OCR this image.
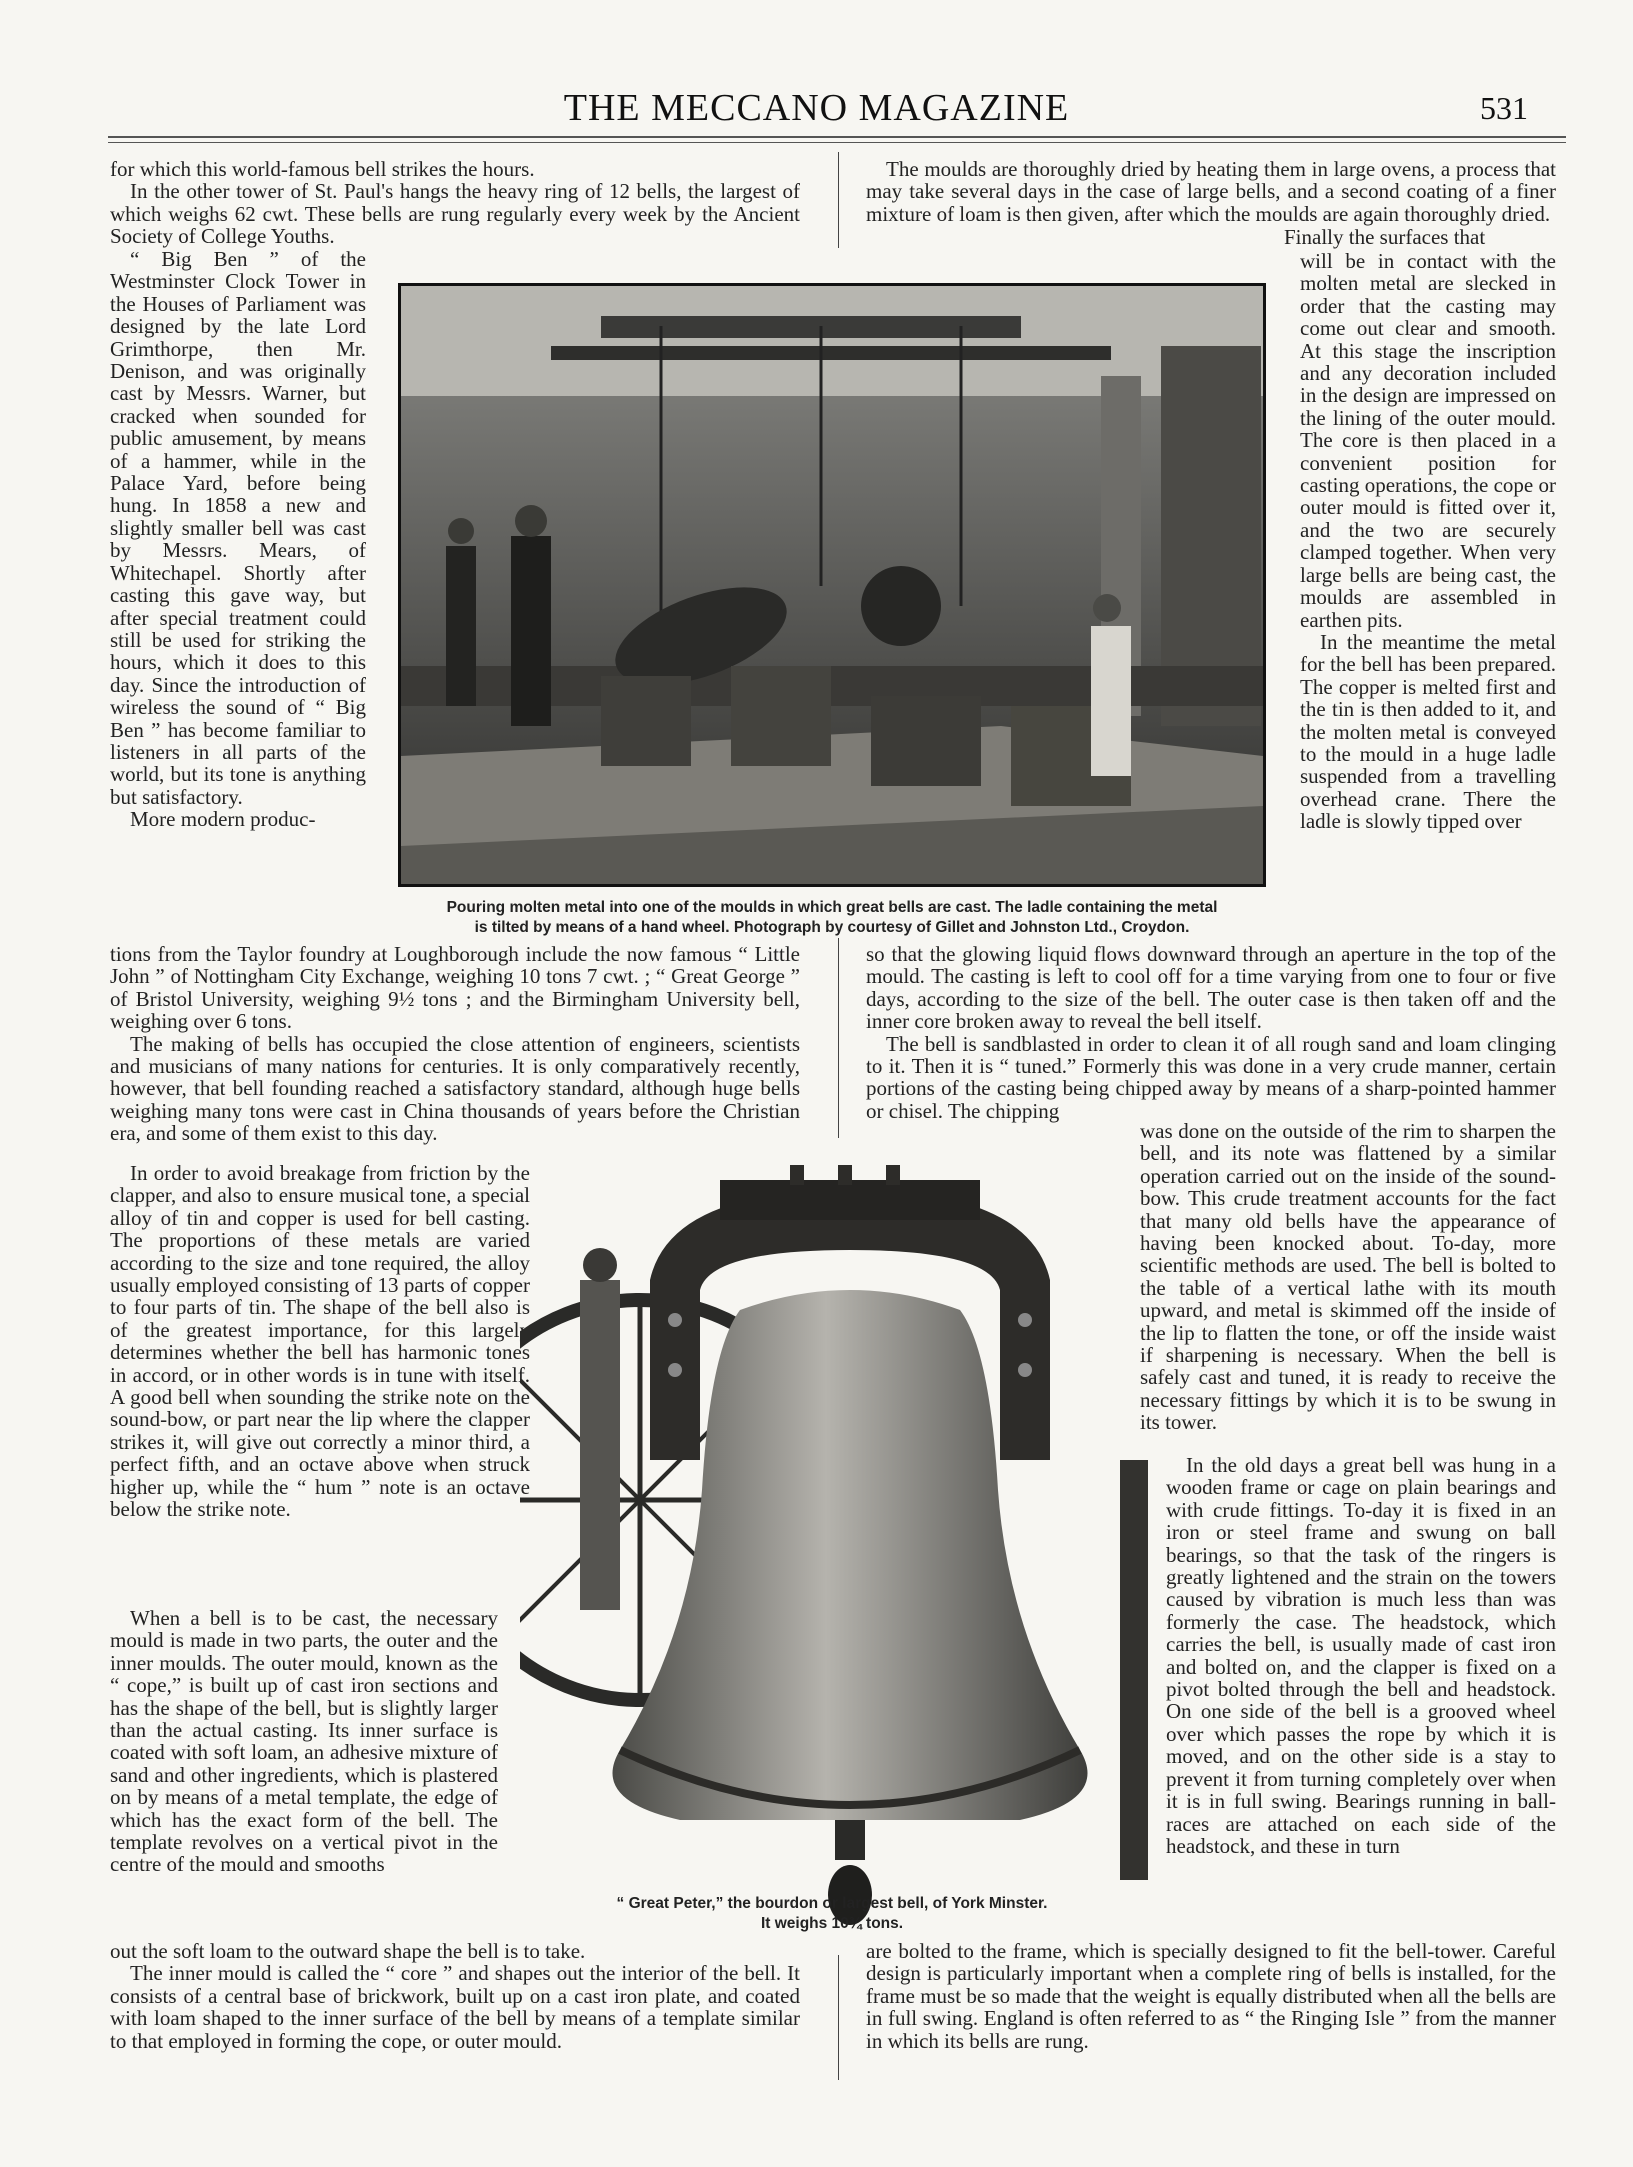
THE MECCANO MAGAZINE	531

for which this world-famous bell strikes the hours.

In the other tower of St. Paul's hangs the heavy ring of 12 bells, the largest of which weighs 62 cwt. These bells are rung regularly every week by the Ancient Society of College Youths.

“ Big Ben ” of the Westminster Clock Tower in the Houses of Parliament was designed by the late Lord Grimthorpe, then Mr. Denison, and was originally cast by Messrs. Warner, but cracked when sounded for public amusement, by means of a hammer, while in the Palace Yard, before being hung. In 1858 a new and slightly smaller bell was cast by Messrs. Mears, of Whitechapel. Shortly after casting this gave way, but after special treatment could still be used for striking the hours, which it does to this day. Since the introduction of wireless the sound of “ Big Ben ” has become familiar to listeners in all parts of the world, but its tone is anything but satisfactory.

More modern produc-

tions from the Taylor foundry at Loughborough include the now famous “ Little John ” of Nottingham City Exchange, weighing 10 tons 7 cwt. ; “ Great George ” of Bristol University, weighing 9½ tons ; and the Birmingham University bell, weighing over 6 tons.

The making of bells has occupied the close attention of engineers, scientists and musicians of many nations for centuries. It is only comparatively recently, however, that bell founding reached a satisfactory standard, although huge bells weighing many tons were cast in China thousands of years before the Christian era, and some of them exist to this day.

In order to avoid breakage from friction by the clapper, and also to ensure musical tone, a special alloy of tin and copper is used for bell casting. The proportions of these metals are varied according to the size and tone required, the alloy usually employed consisting of 13 parts of copper to four parts of tin. The shape of the bell also is of the greatest importance, for this largely determines whether the bell has harmonic tones in accord, or in other words is in tune with itself. A good bell when sounding the strike note on the sound-bow, or part near the lip where the clapper strikes it, will give out correctly a minor third, a perfect fifth, and an octave above when struck higher up, while the “ hum ” note is an octave below the strike note.

When a bell is to be cast, the necessary mould is made in two parts, the outer and the inner moulds. The outer mould, known as the “ cope,” is built up of cast iron sections and has the shape of the bell, but is slightly larger than the actual casting. Its inner surface is coated with soft loam, an adhesive mixture of sand and other ingredients, which is plastered on by means of a metal template, the edge of which has the exact form of the bell. The template revolves on a vertical pivot in the centre of the mould and smooths

out the soft loam to the outward shape the bell is to take.

The inner mould is called the “ core ” and shapes out the interior of the bell. It consists of a central base of brickwork, built up on a cast iron plate, and coated with loam shaped to the inner surface of the bell by means of a template similar to that employed in forming the cope, or outer mould.

The moulds are thoroughly dried by heating them in large ovens, a process that may take several days in the case of large bells, and a second coating of a finer mixture of loam is then given, after which the moulds are again thoroughly dried.

Finally the surfaces that

will be in contact with the molten metal are slecked in order that the casting may come out clear and smooth. At this stage the inscription and any decoration included in the design are impressed on the lining of the outer mould. The core is then placed in a convenient position for casting operations, the cope or outer mould is fitted over it, and the two are securely clamped together. When very large bells are being cast, the moulds are assembled in earthen pits.

In the meantime the metal for the bell has been prepared. The copper is melted first and the tin is then added to it, and the molten metal is conveyed to the mould in a huge ladle suspended from a travelling overhead crane. There the ladle is slowly tipped over

so that the glowing liquid flows downward through an aperture in the top of the mould. The casting is left to cool off for a time varying from one to four or five days, according to the size of the bell. The outer case is then taken off and the inner core broken away to reveal the bell itself.

The bell is sandblasted in order to clean it of all rough sand and loam clinging to it. Then it is “ tuned.” Formerly this was done in a very crude manner, certain portions of the casting being chipped away by means of a sharp-pointed hammer or chisel. The chipping

was done on the outside of the rim to sharpen the bell, and its note was flattened by a similar operation carried out on the inside of the sound-bow. This crude treatment accounts for the fact that many old bells have the appearance of having been knocked about. To-day, more scientific methods are used. The bell is bolted to the table of a vertical lathe with its mouth upward, and metal is skimmed off the inside of the lip to flatten the tone, or off the inside waist if sharpening is necessary. When the bell is safely cast and tuned, it is ready to receive the necessary fittings by which it is to be swung in its tower.

In the old days a great bell was hung in a wooden frame or cage on plain bearings and with crude fittings. To-day it is fixed in an iron or steel frame and swung on ball bearings, so that the task of the ringers is greatly lightened and the strain on the towers caused by vibration is much less than was formerly the case. The headstock, which carries the bell, is usually made of cast iron and bolted on, and the clapper is fixed on a pivot bolted through the bell and headstock. On one side of the bell is a grooved wheel over which passes the rope by which it is moved, and on the other side is a stay to prevent it from turning completely over when it is in full swing. Bearings running in ball-races are attached on each side of the headstock, and these in turn

are bolted to the frame, which is specially designed to fit the bell-tower. Careful design is particularly important when a complete ring of bells is installed, for the frame must be so made that the weight is equally distributed when all the bells are in full swing. England is often referred to as “ the Ringing Isle ” from the manner in which its bells are rung.

Pouring molten metal into one of the moulds in which great bells are cast. The ladle containing the metal
is tilted by means of a hand wheel. Photograph by courtesy of Gillet and Johnston Ltd., Croydon.
“ Great Peter,” the bourdon or largest bell, of York Minster.
It weighs 10¾ tons.
